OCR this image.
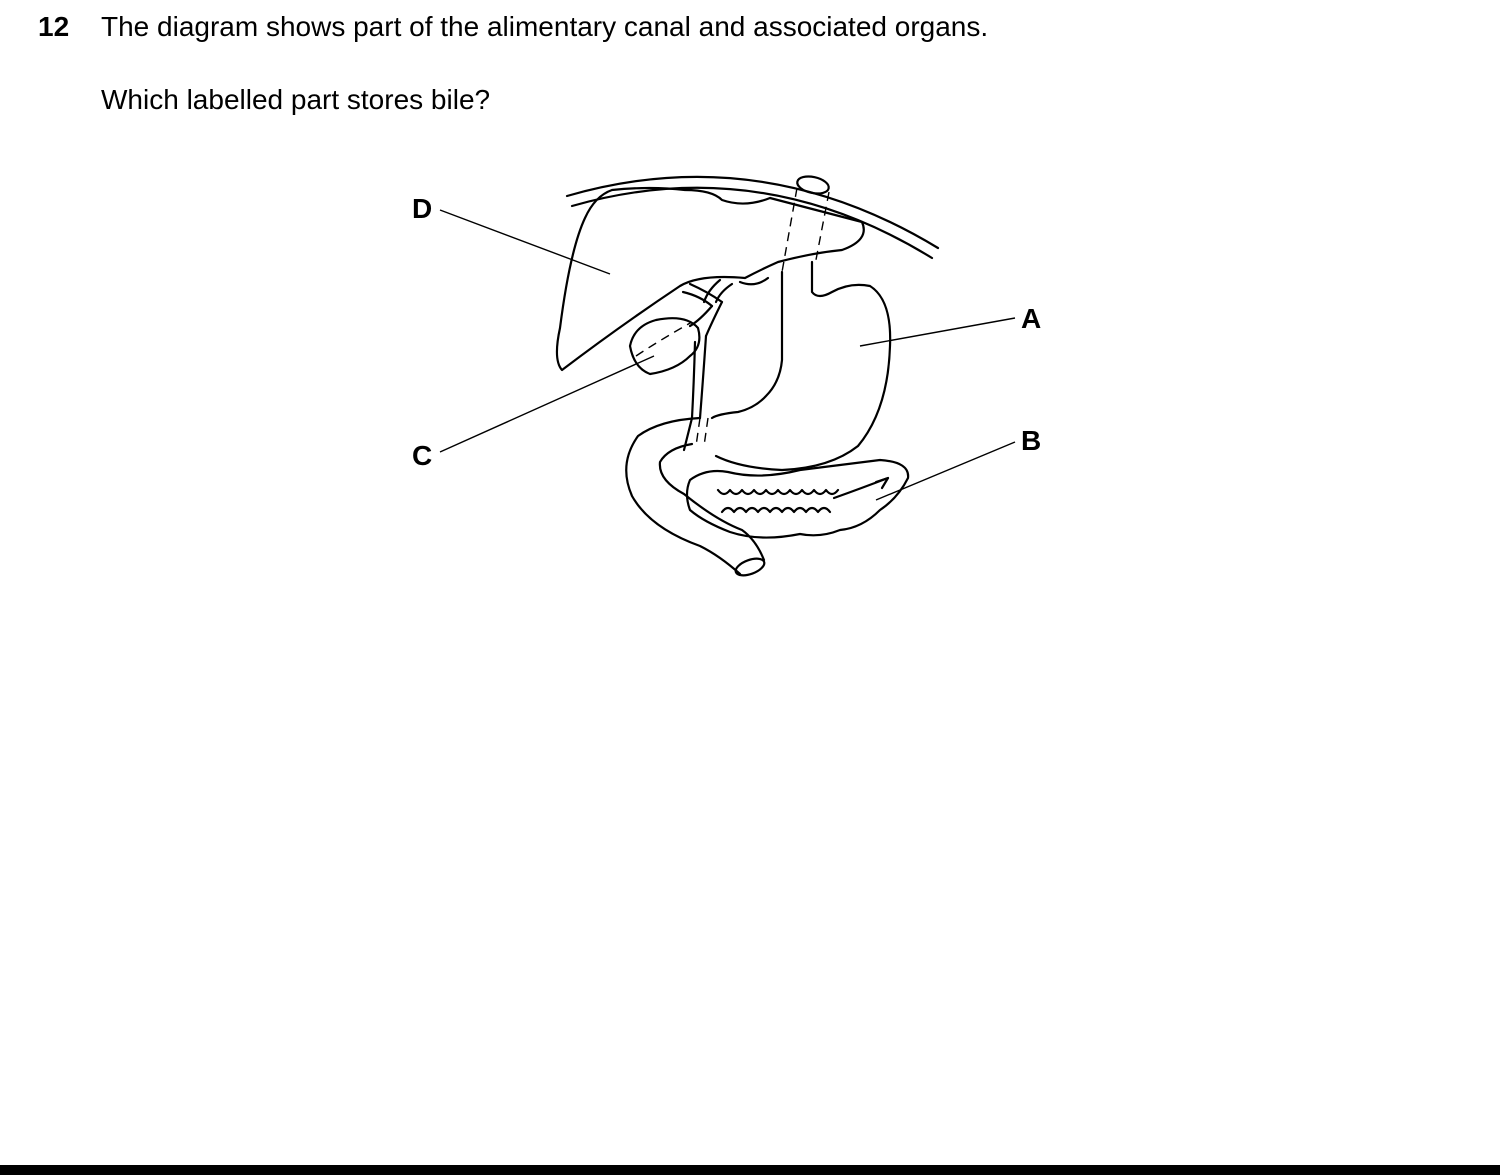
12 The diagram shows part of the alimentary canal and associated organs.
Which labelled part stores bile?
D
C
A
B
